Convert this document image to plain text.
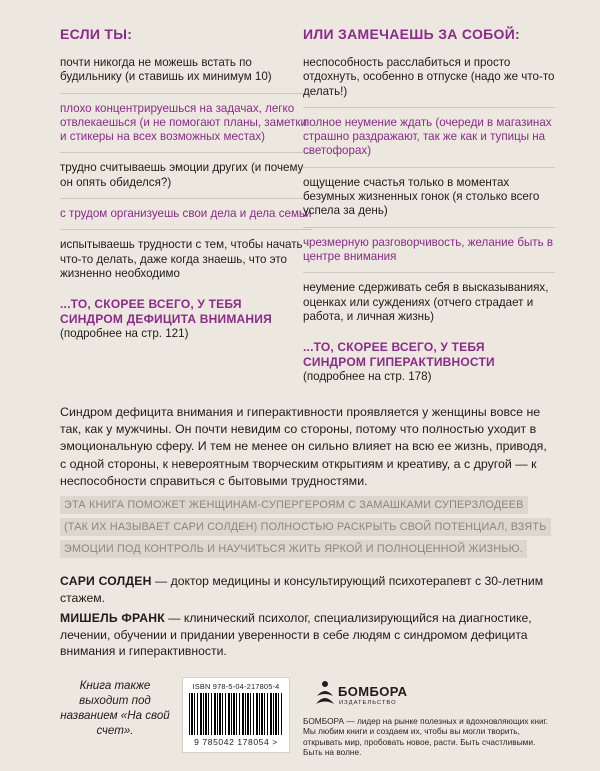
ЕСЛИ ТЫ:
почти никогда не можешь встать по будильнику (и ставишь их минимум 10)
плохо концентрируешься на задачах, легко отвлекаешься (и не помогают планы, заметки и стикеры на всех возможных местах)
трудно считываешь эмоции других (и почему он опять обиделся?)
с трудом организуешь свои дела и дела семьи
испытываешь трудности с тем, чтобы начать что-то делать, даже когда знаешь, что это жизненно необходимо
...ТО, СКОРЕЕ ВСЕГО, У ТЕБЯ
СИНДРОМ ДЕФИЦИТА ВНИМАНИЯ
(подробнее на стр. 121)
ИЛИ ЗАМЕЧАЕШЬ ЗА СОБОЙ:
неспособность расслабиться и просто отдохнуть, особенно в отпуске (надо же что-то делать!)
полное неумение ждать (очереди в магазинах страшно раздражают, так же как и тупицы на светофорах)
ощущение счастья только в моментах безумных жизненных гонок (я столько всего успела за день)
чрезмерную разговорчивость, желание быть в центре внимания
неумение сдерживать себя в высказываниях, оценках или суждениях (отчего страдает и работа, и личная жизнь)
...ТО, СКОРЕЕ ВСЕГО, У ТЕБЯ
СИНДРОМ ГИПЕРАКТИВНОСТИ
(подробнее на стр. 178)
Синдром дефицита внимания и гиперактивности проявляется у женщины вовсе не так, как у мужчины. Он почти невидим со стороны, потому что полностью уходит в эмоциональную сферу. И тем не менее он сильно влияет на всю ее жизнь, приводя, с одной стороны, к невероятным творческим открытиям и креативу, а с другой — к неспособности справиться с бытовыми трудностями.
ЭТА КНИГА ПОМОЖЕТ ЖЕНЩИНАМ-СУПЕРГЕРОЯМ С ЗАМАШКАМИ СУПЕРЗЛОДЕЕВ (ТАК ИХ НАЗЫВАЕТ САРИ СОЛДЕН) ПОЛНОСТЬЮ РАСКРЫТЬ СВОЙ ПОТЕНЦИАЛ, ВЗЯТЬ ЭМОЦИИ ПОД КОНТРОЛЬ И НАУЧИТЬСЯ ЖИТЬ ЯРКОЙ И ПОЛНОЦЕННОЙ ЖИЗНЬЮ.
САРИ СОЛДЕН — доктор медицины и консультирующий психотерапевт с 30-летним стажем.
МИШЕЛЬ ФРАНК — клинический психолог, специализирующийся на диагностике, лечении, обучении и придании уверенности в себе людям с синдромом дефицита внимания и гиперактивности.
Книга также выходит под названием «На свой счет».
ISBN 978-5-04-217805-4
9 785042 178054 >
БОМБОРА
ИЗДАТЕЛЬСТВО
БОМБОРА — лидер на рынке полезных и вдохновляющих книг. Мы любим книги и создаем их, чтобы вы могли творить, открывать мир, пробовать новое, расти. Быть счастливыми. Быть на волне.
